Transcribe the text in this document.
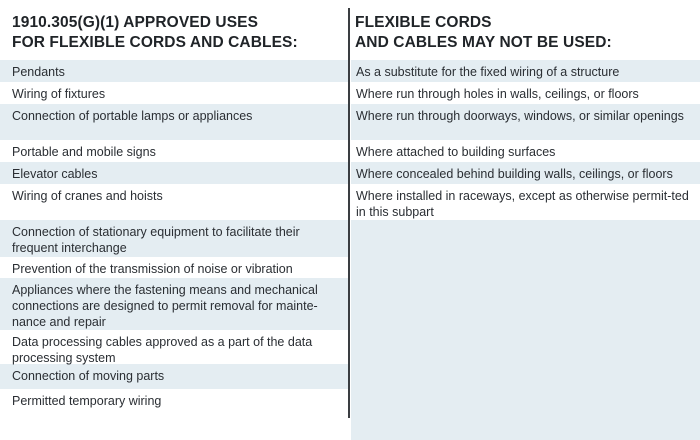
1910.305(G)(1) APPROVED USES
FOR FLEXIBLE CORDS AND CABLES:
Pendants
Wiring of fixtures
Connection of portable lamps or appliances
Portable and mobile signs
Elevator cables
Wiring of cranes and hoists
Connection of stationary equipment to facilitate their frequent interchange
Prevention of the transmission of noise or vibration
Appliances where the fastening means and mechanical connections are designed to permit removal for mainte-nance and repair
Data processing cables approved as a part of the data processing system
Connection of moving parts
Permitted temporary wiring
FLEXIBLE CORDS
AND CABLES MAY NOT BE USED:
As a substitute for the fixed wiring of a structure
Where run through holes in walls, ceilings, or floors
Where run through doorways, windows, or similar openings
Where attached to building surfaces
Where concealed behind building walls, ceilings, or floors
Where installed in raceways, except as otherwise permit-ted in this subpart
